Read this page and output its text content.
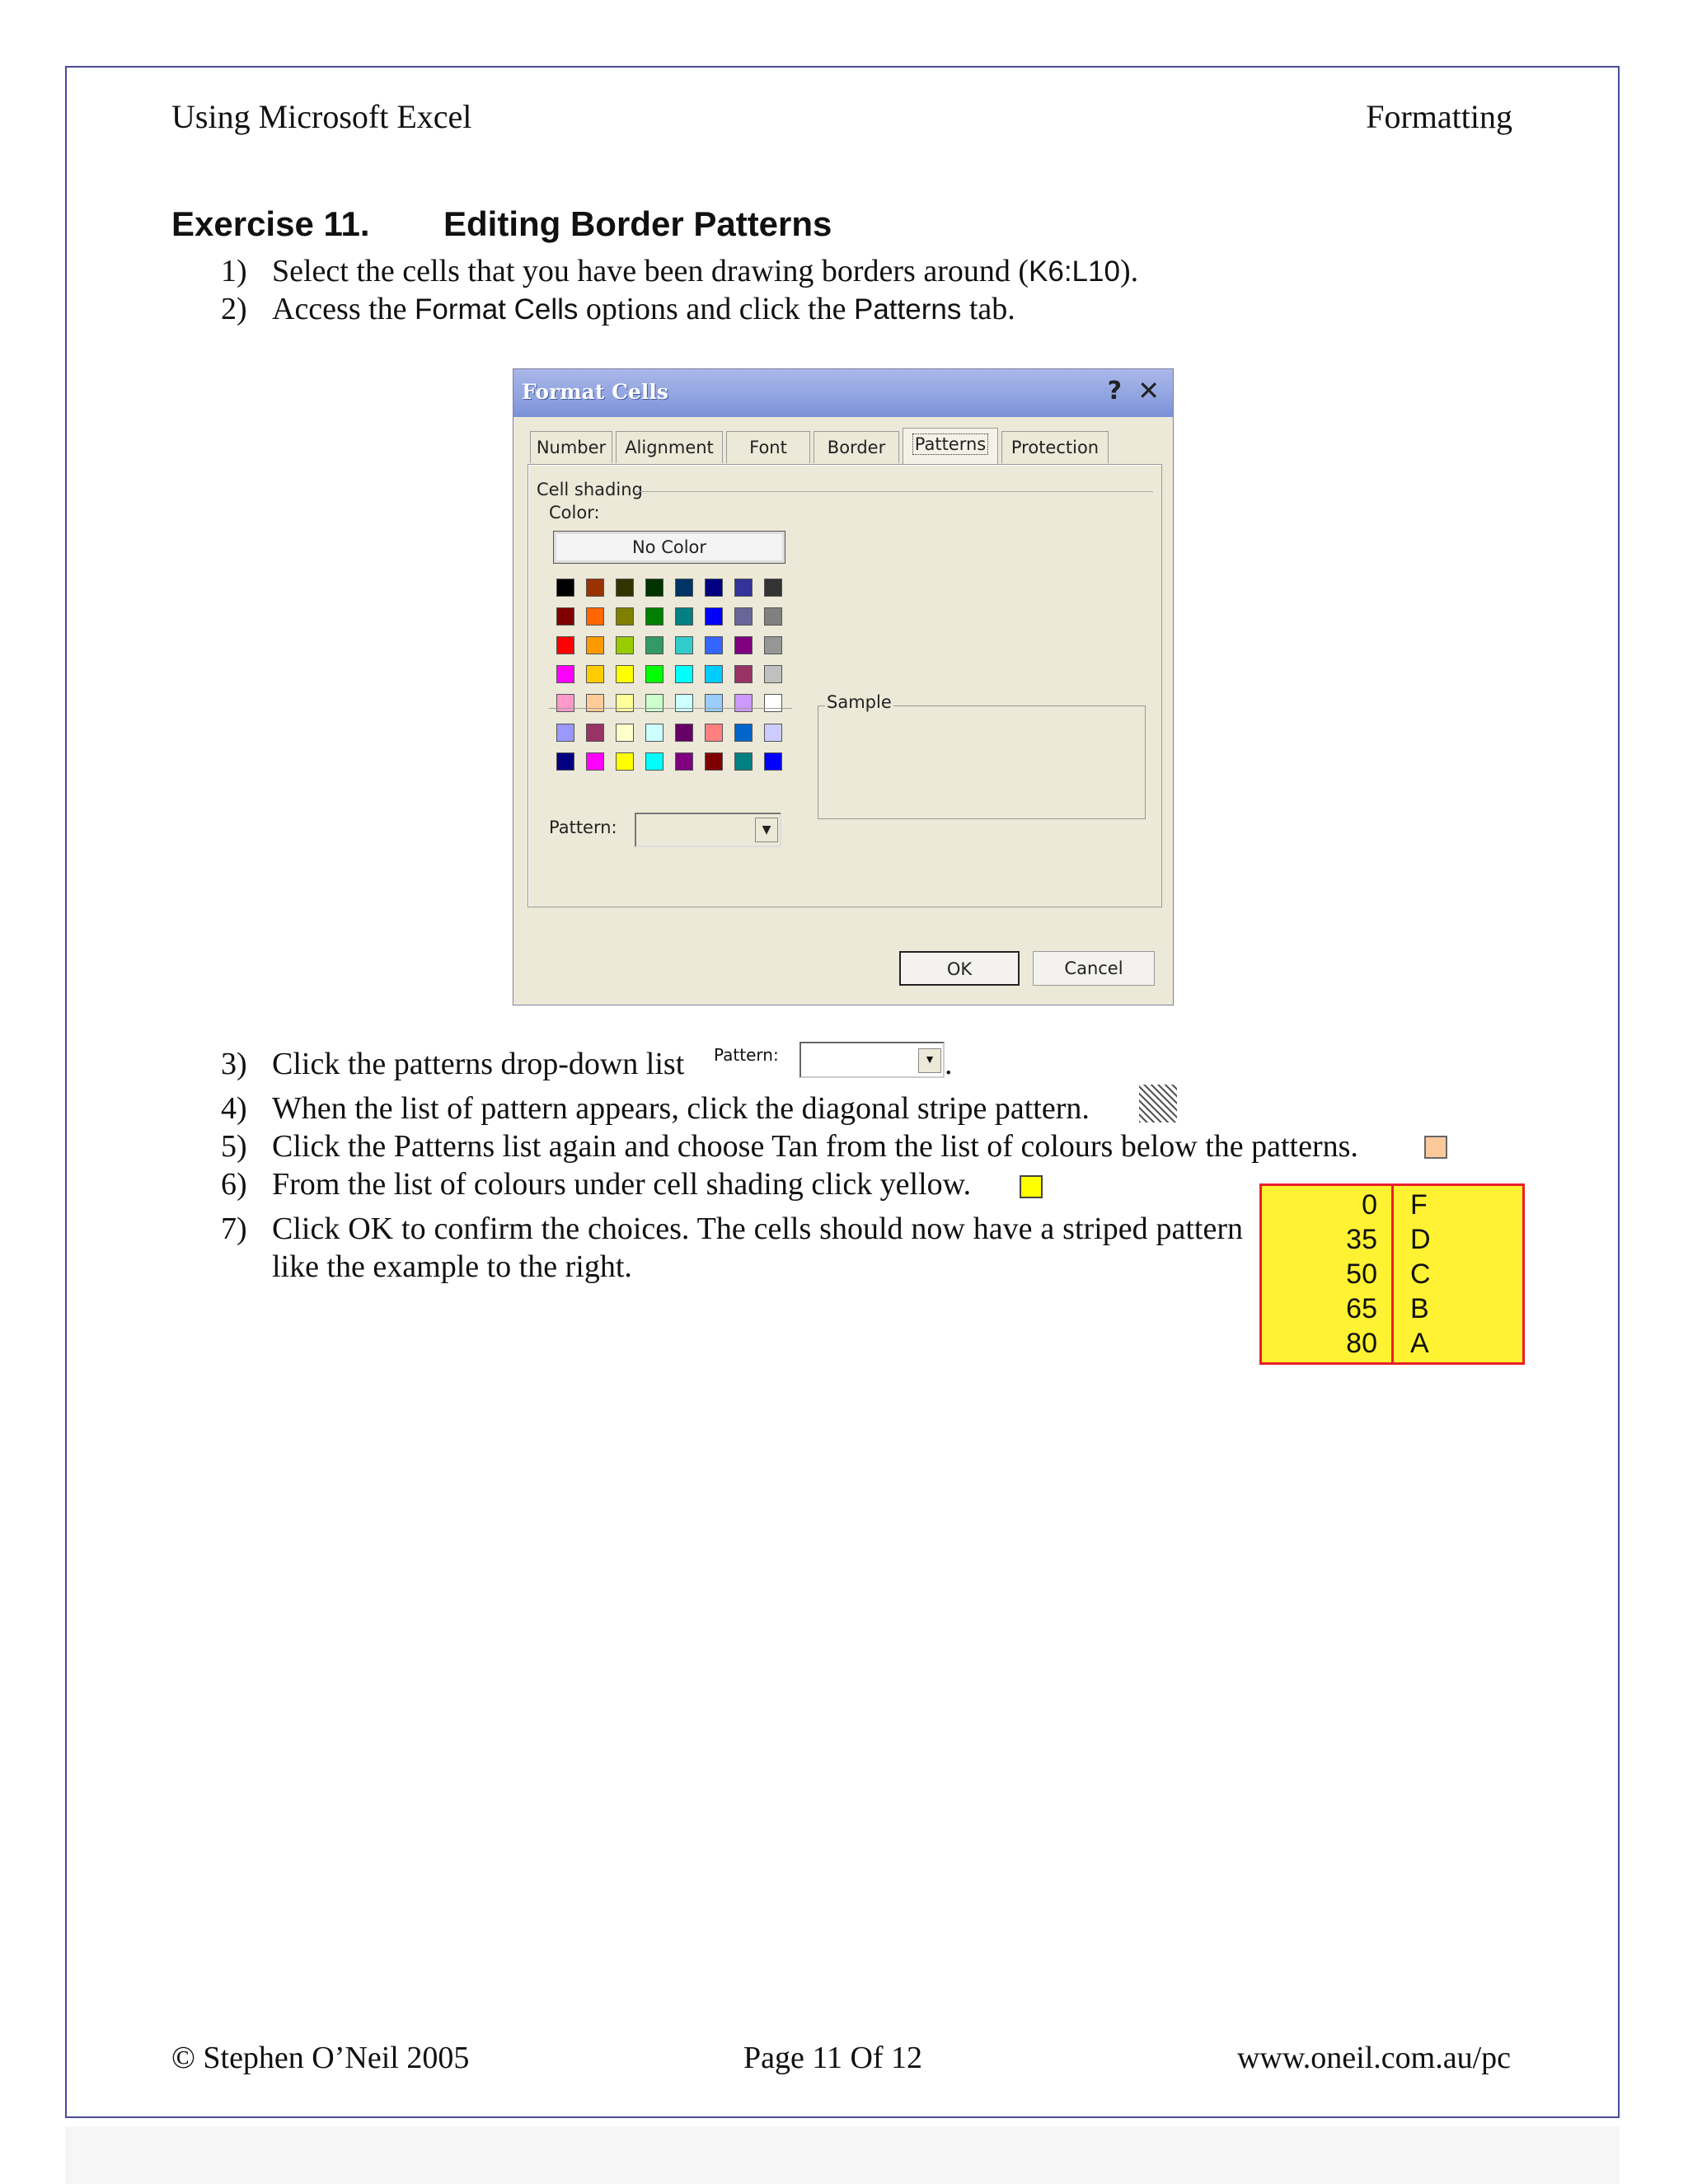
Using Microsoft Excel	Formatting
Exercise 11. Editing Border Patterns
1) Select the cells that you have been drawing borders around (K6:L10).
2) Access the Format Cells options and click the Patterns tab.
Format Cells	? ✕
Number	Alignment	Font	Border	Patterns	Protection
Cell shading
Color:
No Color
Pattern:	▼
Sample
OK	Cancel
3) Click the patterns drop-down list Pattern:	▼ .
4) When the list of pattern appears, click the diagonal stripe pattern.
5) Click the Patterns list again and choose Tan from the list of colours below the patterns.
6) From the list of colours under cell shading click yellow.
7) Click OK to confirm the choices. The cells should now have a striped pattern like the example to the right.
0 F
35 D
50 C
65 B
80 A
© Stephen O’Neil 2005	Page 11 Of 12	www.oneil.com.au/pc
